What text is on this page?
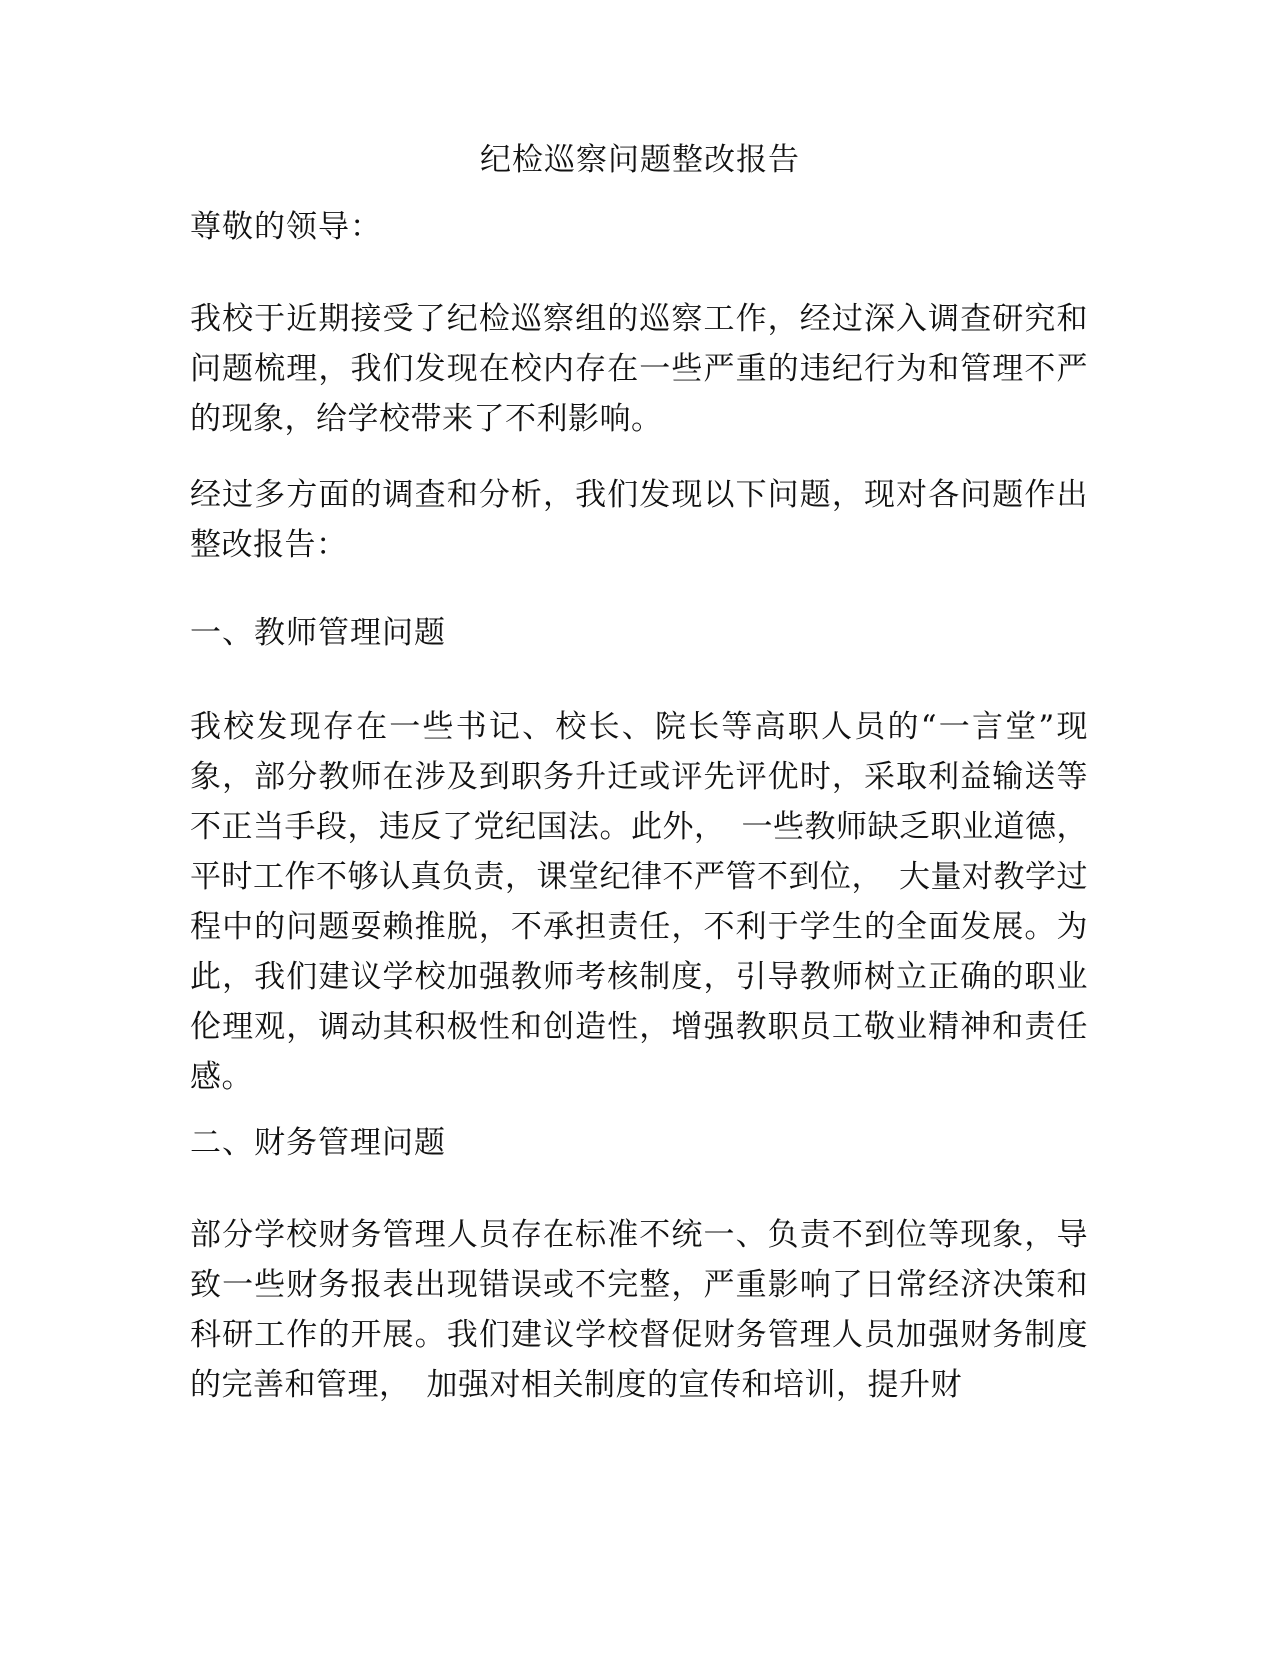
纪检巡察问题整改报告
尊敬的领导：
我校于近期接受了纪检巡察组的巡察工作，经过深入调查研究和问题梳理，我们发现在校内存在一些严重的违纪行为和管理不严的现象，给学校带来了不利影响。
经过多方面的调查和分析，我们发现以下问题，现对各问题作出整改报告：
一、教师管理问题
我校发现存在一些书记、校长、院长等高职人员的“一言堂”现象，部分教师在涉及到职务升迁或评先评优时，采取利益输送等不正当手段，违反了党纪国法。此外，　一些教师缺乏职业道德，平时工作不够认真负责，课堂纪律不严管不到位，　大量对教学过程中的问题耍赖推脱，不承担责任，不利于学生的全面发展。为此，我们建议学校加强教师考核制度，引导教师树立正确的职业伦理观，调动其积极性和创造性，增强教职员工敬业精神和责任感。
二、财务管理问题
部分学校财务管理人员存在标准不统一、负责不到位等现象，导致一些财务报表出现错误或不完整，严重影响了日常经济决策和科研工作的开展。我们建议学校督促财务管理人员加强财务制度的完善和管理，　加强对相关制度的宣传和培训，提升财
